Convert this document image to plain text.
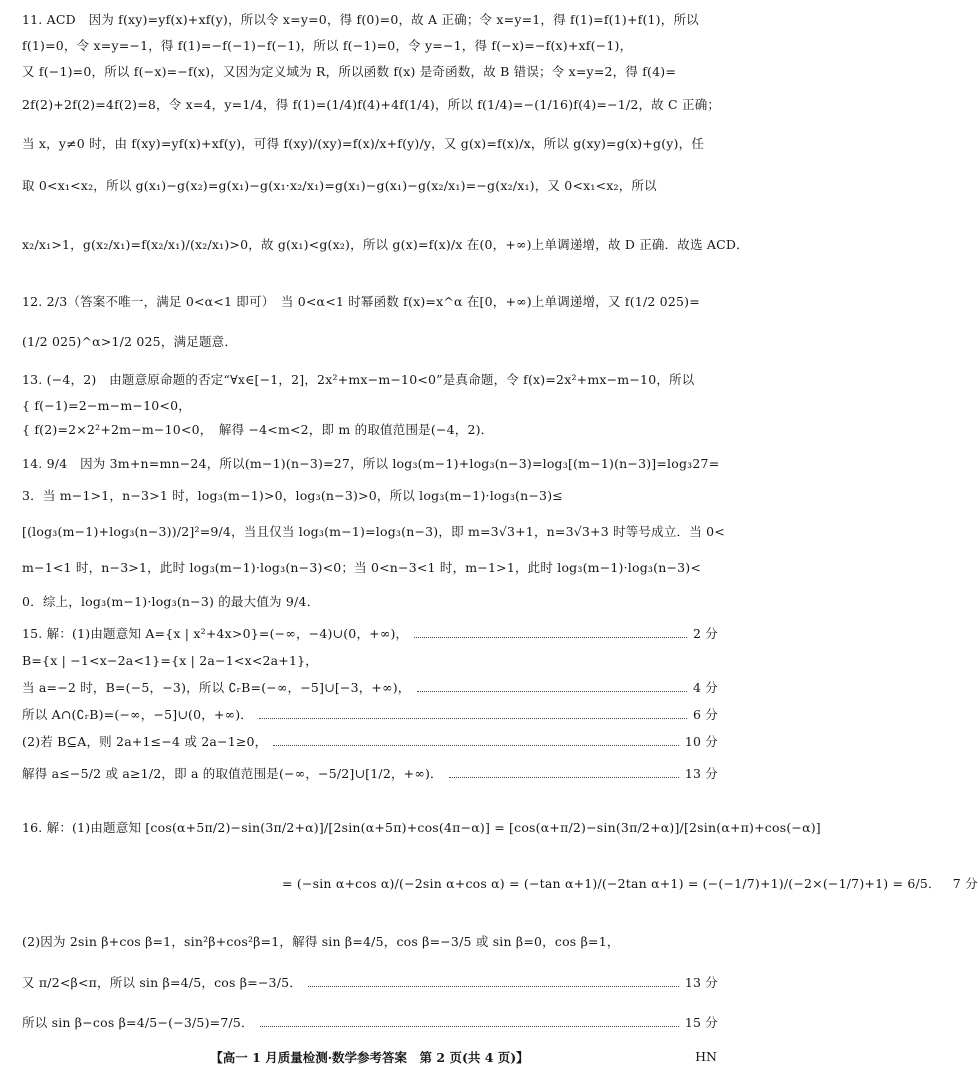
11. ACD　因为 f(xy)=yf(x)+xf(y)，所以令 x=y=0，得 f(0)=0，故 A 正确；令 x=y=1，得 f(1)=f(1)+f(1)，所以
f(1)=0，令 x=y=−1，得 f(1)=−f(−1)−f(−1)，所以 f(−1)=0，令 y=−1，得 f(−x)=−f(x)+xf(−1)，
又 f(−1)=0，所以 f(−x)=−f(x)，又因为定义域为 R，所以函数 f(x) 是奇函数，故 B 错误；令 x=y=2，得 f(4)=
2f(2)+2f(2)=4f(2)=8，令 x=4，y=1/4，得 f(1)=(1/4)f(4)+4f(1/4)，所以 f(1/4)=−(1/16)f(4)=−1/2，故 C 正确；
当 x，y≠0 时，由 f(xy)=yf(x)+xf(y)，可得 f(xy)/(xy)=f(x)/x+f(y)/y，又 g(x)=f(x)/x，所以 g(xy)=g(x)+g(y)，任
取 0<x₁<x₂，所以 g(x₁)−g(x₂)=g(x₁)−g(x₁·x₂/x₁)=g(x₁)−g(x₁)−g(x₂/x₁)=−g(x₂/x₁)，又 0<x₁<x₂，所以
x₂/x₁>1，g(x₂/x₁)=f(x₂/x₁)/(x₂/x₁)>0，故 g(x₁)<g(x₂)，所以 g(x)=f(x)/x 在(0，+∞)上单调递增，故 D 正确．故选 ACD．
12. 2/3（答案不唯一，满足 0<α<1 即可）　当 0<α<1 时幂函数 f(x)=x^α 在[0，+∞)上单调递增，又 f(1/2 025)=
(1/2 025)^α>1/2 025，满足题意．
13. (−4，2)　由题意原命题的否定“∀x∈[−1，2]，2x²+mx−m−10<0”是真命题，令 f(x)=2x²+mx−m−10，所以
{ f(−1)=2−m−m−10<0，
{ f(2)=2×2²+2m−m−10<0，　解得 −4<m<2，即 m 的取值范围是(−4，2)．
14. 9/4　因为 3m+n=mn−24，所以(m−1)(n−3)=27，所以 log₃(m−1)+log₃(n−3)=log₃[(m−1)(n−3)]=log₃27=
3．当 m−1>1，n−3>1 时，log₃(m−1)>0，log₃(n−3)>0，所以 log₃(m−1)·log₃(n−3)≤
[(log₃(m−1)+log₃(n−3))/2]²=9/4，当且仅当 log₃(m−1)=log₃(n−3)，即 m=3√3+1，n=3√3+3 时等号成立．当 0<
m−1<1 时，n−3>1，此时 log₃(m−1)·log₃(n−3)<0；当 0<n−3<1 时，m−1>1，此时 log₃(m−1)·log₃(n−3)<
0．综上，log₃(m−1)·log₃(n−3) 的最大值为 9/4．
15. 解：(1)由题意知 A={x | x²+4x>0}=(−∞，−4)∪(0，+∞)，	2 分
B={x | −1<x−2a<1}={x | 2a−1<x<2a+1}，
当 a=−2 时，B=(−5，−3)，所以 ∁ᵣB=(−∞，−5]∪[−3，+∞)，	4 分
所以 A∩(∁ᵣB)=(−∞，−5]∪(0，+∞)．	6 分
(2)若 B⊆A，则 2a+1≤−4 或 2a−1≥0，	10 分
解得 a≤−5/2 或 a≥1/2，即 a 的取值范围是(−∞，−5/2]∪[1/2，+∞)．	13 分
16. 解：(1)由题意知 [cos(α+5π/2)−sin(3π/2+α)]/[2sin(α+5π)+cos(4π−α)] = [cos(α+π/2)−sin(3π/2+α)]/[2sin(α+π)+cos(−α)]
= (−sin α+cos α)/(−2sin α+cos α) = (−tan α+1)/(−2tan α+1) = (−(−1/7)+1)/(−2×(−1/7)+1) = 6/5． 7 分
(2)因为 2sin β+cos β=1，sin²β+cos²β=1，解得 sin β=4/5，cos β=−3/5 或 sin β=0，cos β=1，
又 π/2<β<π，所以 sin β=4/5，cos β=−3/5．	13 分
所以 sin β−cos β=4/5−(−3/5)=7/5．	15 分
【高一 1 月质量检测·数学参考答案　第 2 页(共 4 页)】	HN
